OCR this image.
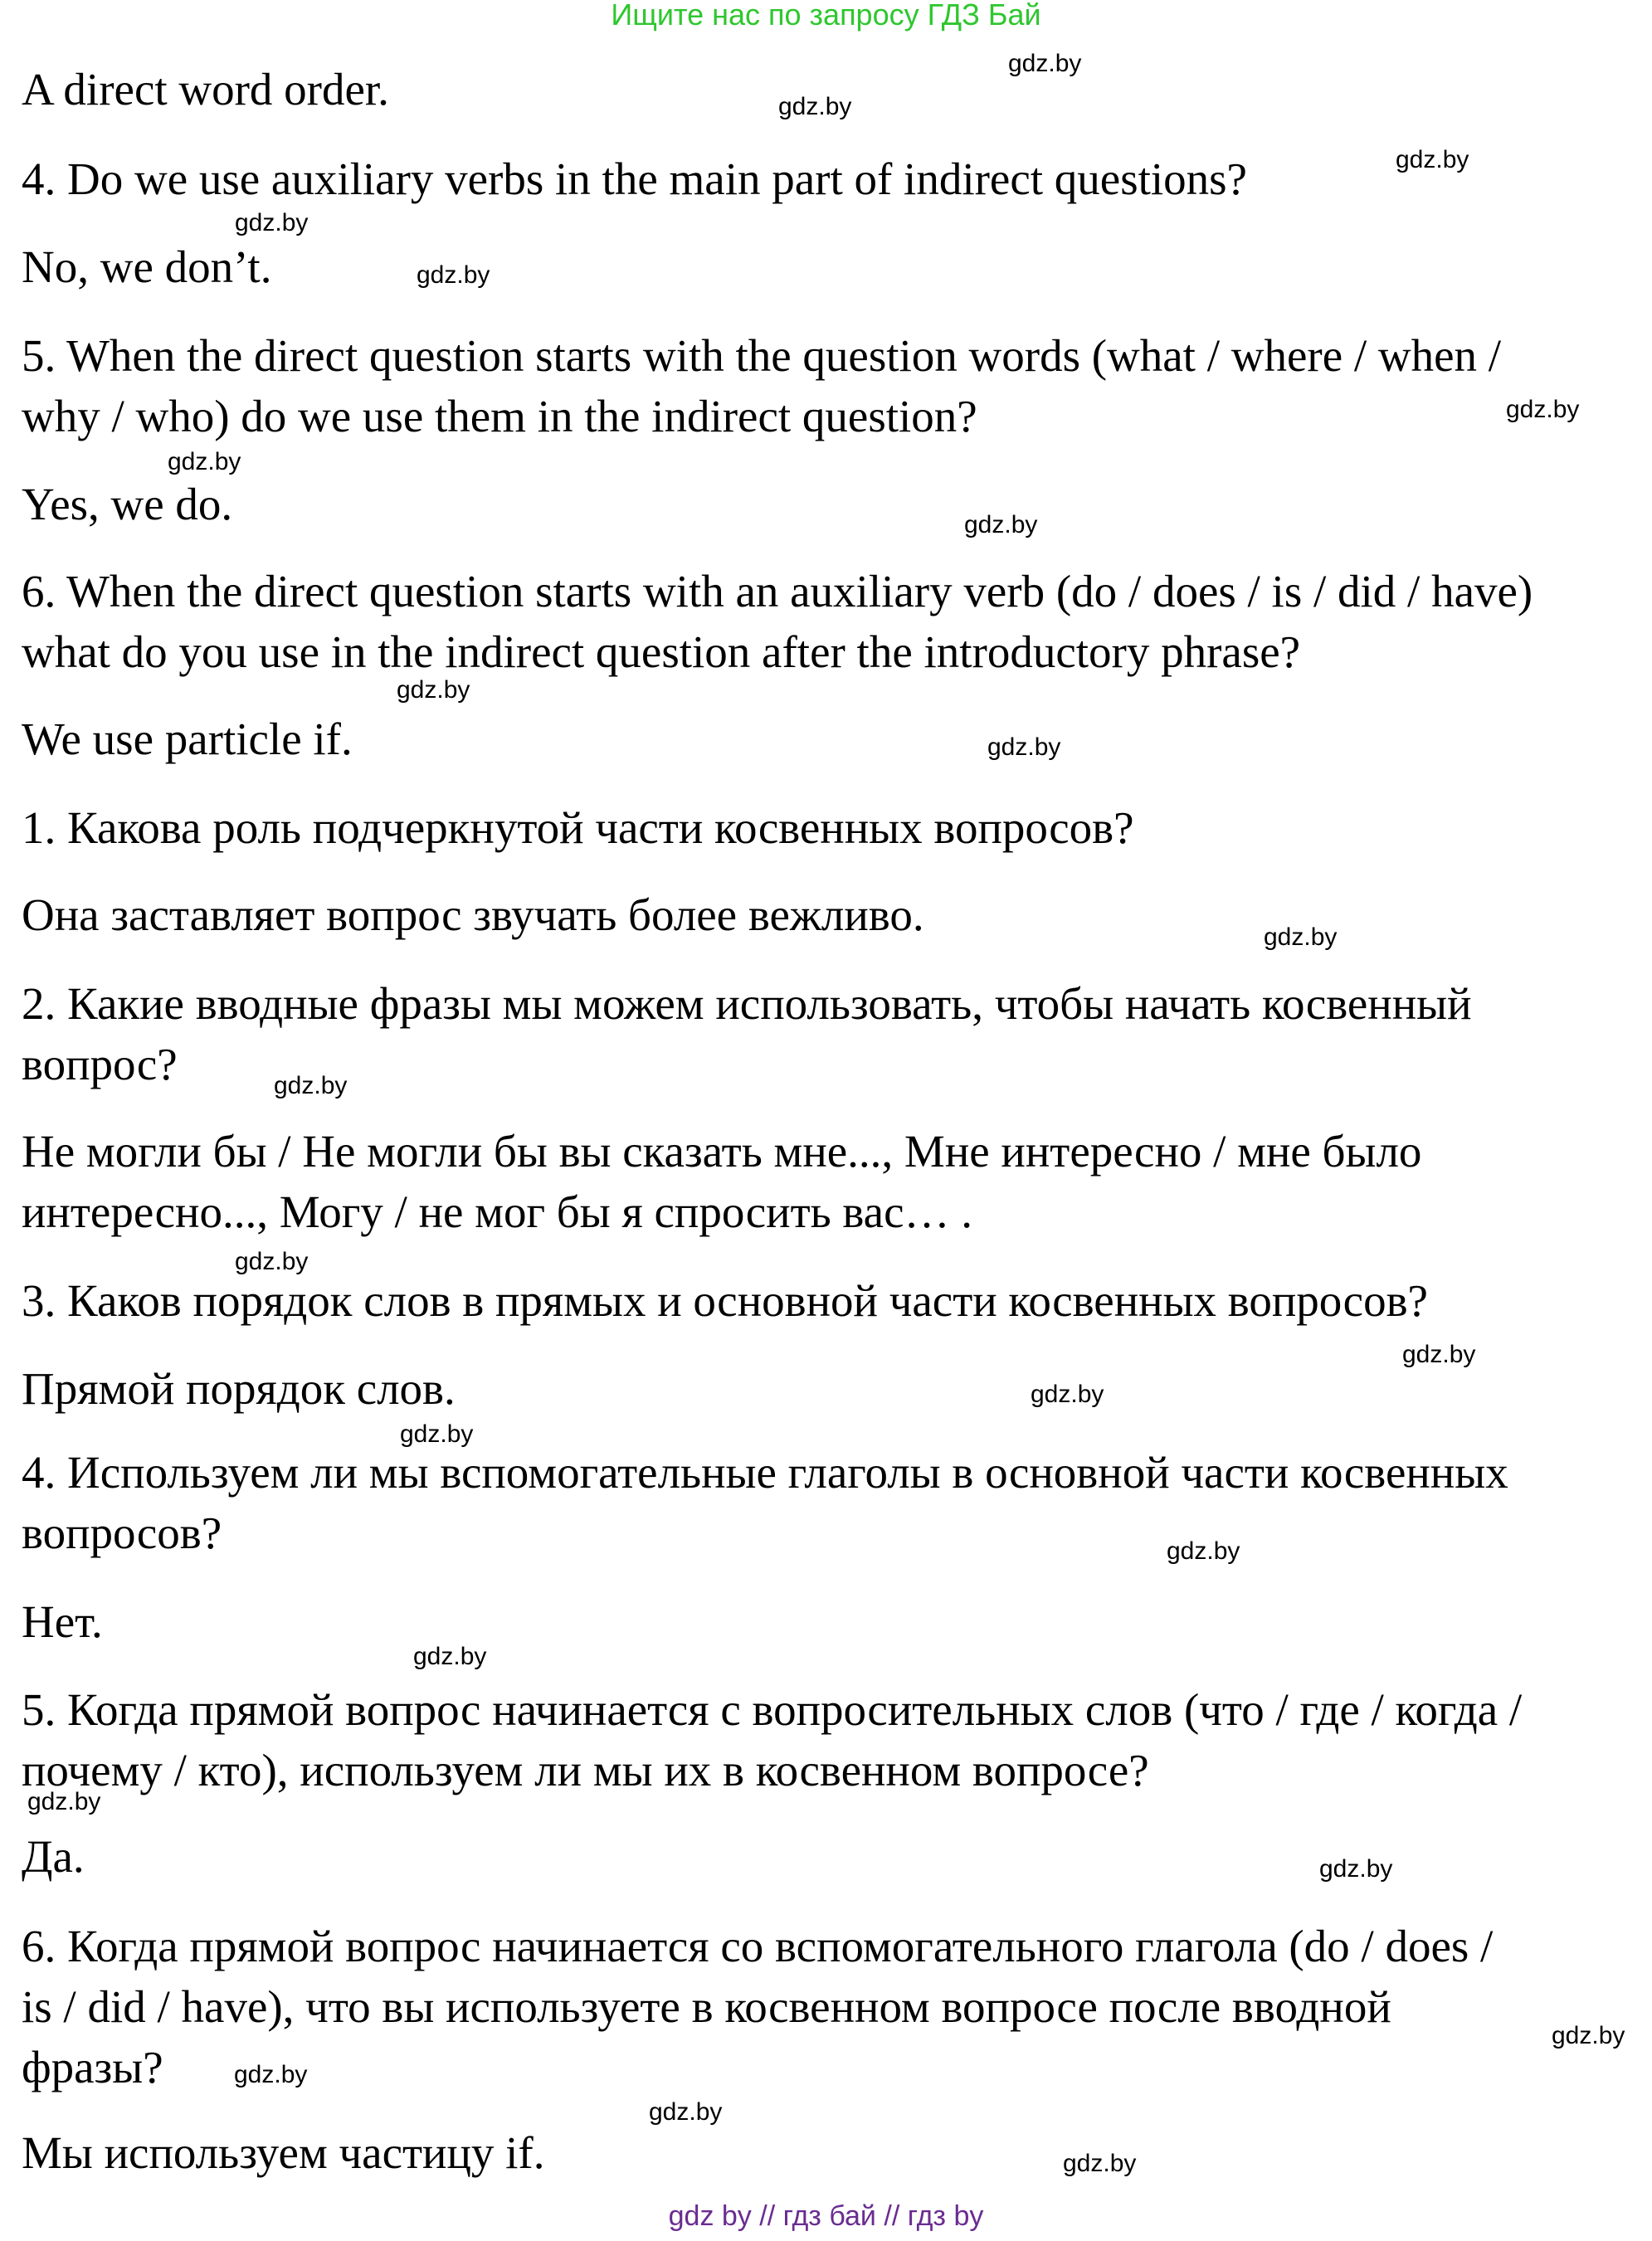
Ищите нас по запросу ГДЗ Бай
A direct word order.
4. Do we use auxiliary verbs in the main part of indirect questions?
No, we don’t.
5. When the direct question starts with the question words (what / where / when /
why / who) do we use them in the indirect question?
Yes, we do.
6. When the direct question starts with an auxiliary verb (do / does / is / did / have)
what do you use in the indirect question after the introductory phrase?
We use particle if.
1. Какова роль подчеркнутой части косвенных вопросов?
Она заставляет вопрос звучать более вежливо.
2. Какие вводные фразы мы можем использовать, чтобы начать косвенный
вопрос?
Не могли бы / Не могли бы вы сказать мне..., Мне интересно / мне было
интересно..., Могу / не мог бы я спросить вас… .
3. Каков порядок слов в прямых и основной части косвенных вопросов?
Прямой порядок слов.
4. Используем ли мы вспомогательные глаголы в основной части косвенных
вопросов?
Нет.
5. Когда прямой вопрос начинается с вопросительных слов (что / где / когда /
почему / кто), используем ли мы их в косвенном вопросе?
Да.
6. Когда прямой вопрос начинается со вспомогательного глагола (do / does /
is / did / have), что вы используете в косвенном вопросе после вводной
фразы?
Мы используем частицу if.
gdz.by
gdz.by
gdz.by
gdz.by
gdz.by
gdz.by
gdz.by
gdz.by
gdz.by
gdz.by
gdz.by
gdz.by
gdz.by
gdz.by
gdz.by
gdz.by
gdz.by
gdz.by
gdz.by
gdz.by
gdz.by
gdz.by
gdz.by
gdz.by
gdz by // гдз бай // гдз by
